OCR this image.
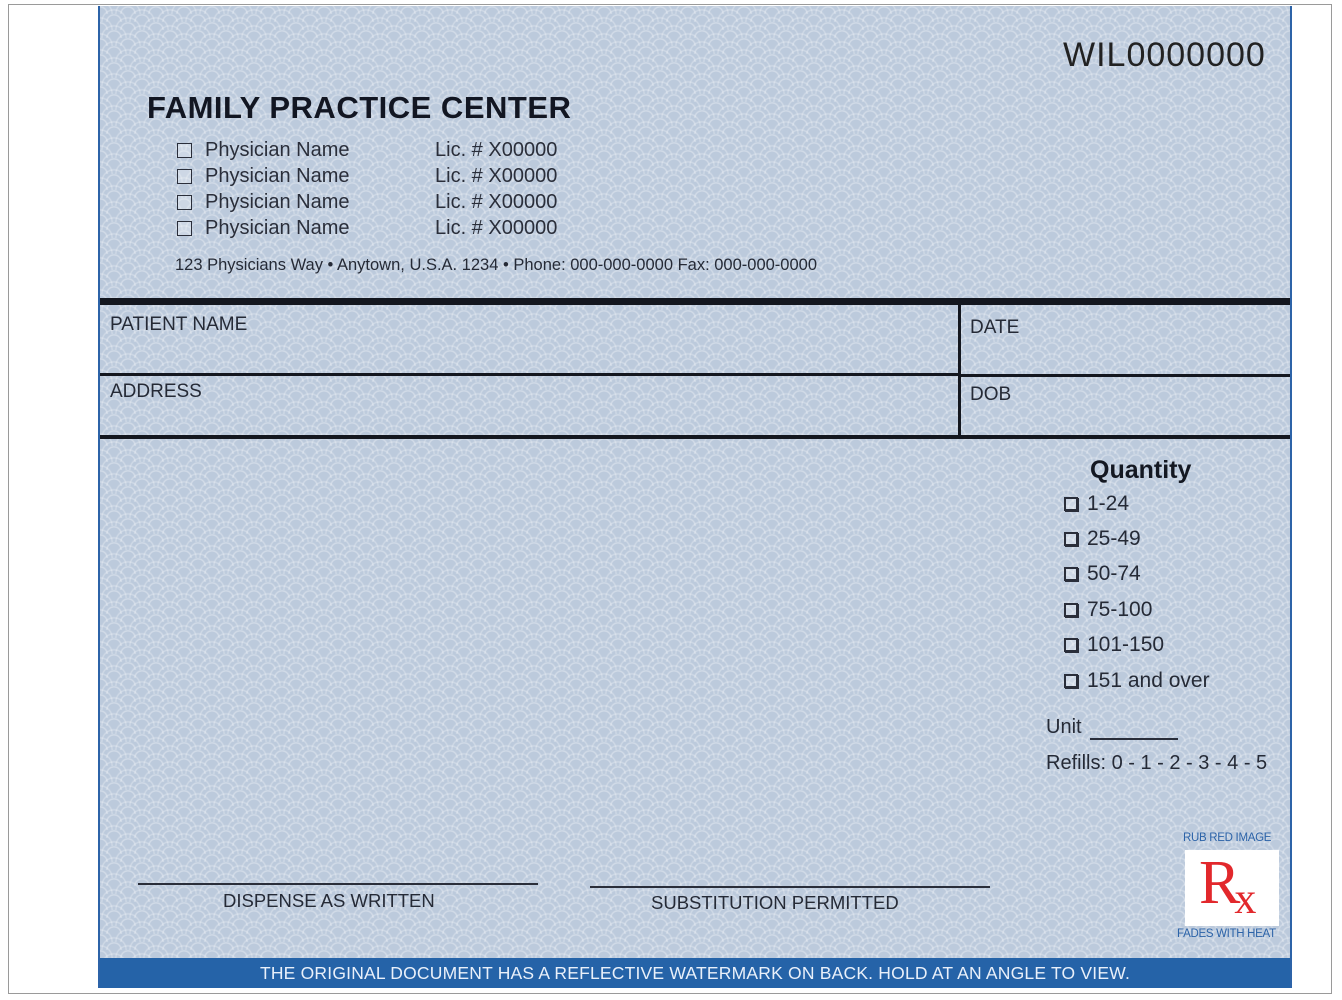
WIL0000000
FAMILY PRACTICE CENTER
Physician Name	Lic. # X00000
Physician Name	Lic. # X00000
Physician Name	Lic. # X00000
Physician Name	Lic. # X00000
123 Physicians Way • Anytown, U.S.A. 1234 • Phone: 000-000-0000 Fax: 000-000-0000
PATIENT NAME	DATE
ADDRESS	DOB
Quantity
1-24
25-49
50-74
75-100
101-150
151 and over
Unit
Refills: 0 - 1 - 2 - 3 - 4 - 5
DISPENSE AS WRITTEN	SUBSTITUTION PERMITTED
RUB RED IMAGE
Rx
FADES WITH HEAT
THE ORIGINAL DOCUMENT HAS A REFLECTIVE WATERMARK ON BACK. HOLD AT AN ANGLE TO VIEW.
